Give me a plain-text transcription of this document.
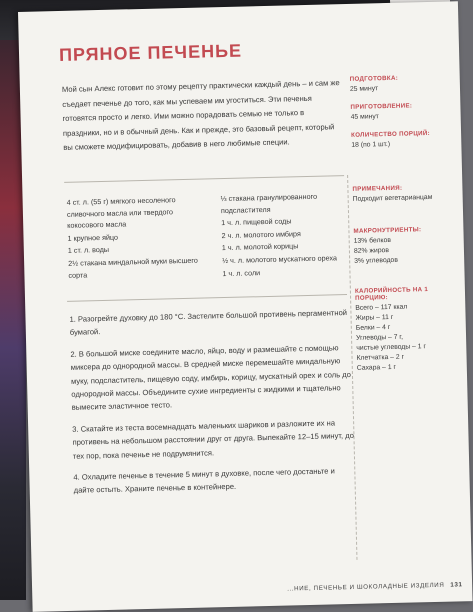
ПРЯНОЕ ПЕЧЕНЬЕ
Мой сын Алекс готовит по этому рецепту практически каждый день – и сам же съедает печенье до того, как мы успеваем им угоститься. Эти печенья готовятся просто и легко. Ими можно порадовать семью не только в праздники, но и в обычный день. Как и прежде, это базовый рецепт, который вы сможете модифицировать, добавив в него любимые специи.
ПОДГОТОВКА:
25 минут
ПРИГОТОВЛЕНИЕ:
45 минут
КОЛИЧЕСТВО ПОРЦИЙ:
18 (по 1 шт.)
ПРИМЕЧАНИЯ:
Подходит вегетарианцам
МАКРОНУТРИЕНТЫ:
13% белков
82% жиров
3% углеводов
КАЛОРИЙНОСТЬ НА 1 ПОРЦИЮ:
Всего – 117 ккал
Жиры – 11 г
Белки – 4 г
Углеводы – 7 г,
чистые углеводы – 1 г
Клетчатка – 2 г
Сахара – 1 г
4 ст. л. (55 г) мягкого несоленого сливочного масла или твердого кокосового масла
1 крупное яйцо
1 ст. л. воды
2½ стакана миндальной муки высшего сорта
⅓ стакана гранулированного подсластителя
1 ч. л. пищевой соды
2 ч. л. молотого имбиря
1 ч. л. молотой корицы
½ ч. л. молотого мускатного ореха
1 ч. л. соли
1. Разогрейте духовку до 180 °С. Застелите большой противень пергаментной бумагой.
2. В большой миске соедините масло, яйцо, воду и размешайте с помощью миксера до однородной массы. В средней миске перемешайте миндальную муку, подсластитель, пищевую соду, имбирь, корицу, мускатный орех и соль до однородной массы. Объедините сухие ингредиенты с жидкими и тщательно вымесите эластичное тесто.
3. Скатайте из теста восемнадцать маленьких шариков и разложите их на противень на небольшом расстоянии друг от друга. Выпекайте 12–15 минут, до тех пор, пока печенье не подрумянится.
4. Охладите печенье в течение 5 минут в духовке, после чего достаньте и дайте остыть. Храните печенье в контейнере.
...НИЕ, ПЕЧЕНЬЕ И ШОКОЛАДНЫЕ ИЗДЕЛИЯ 131
